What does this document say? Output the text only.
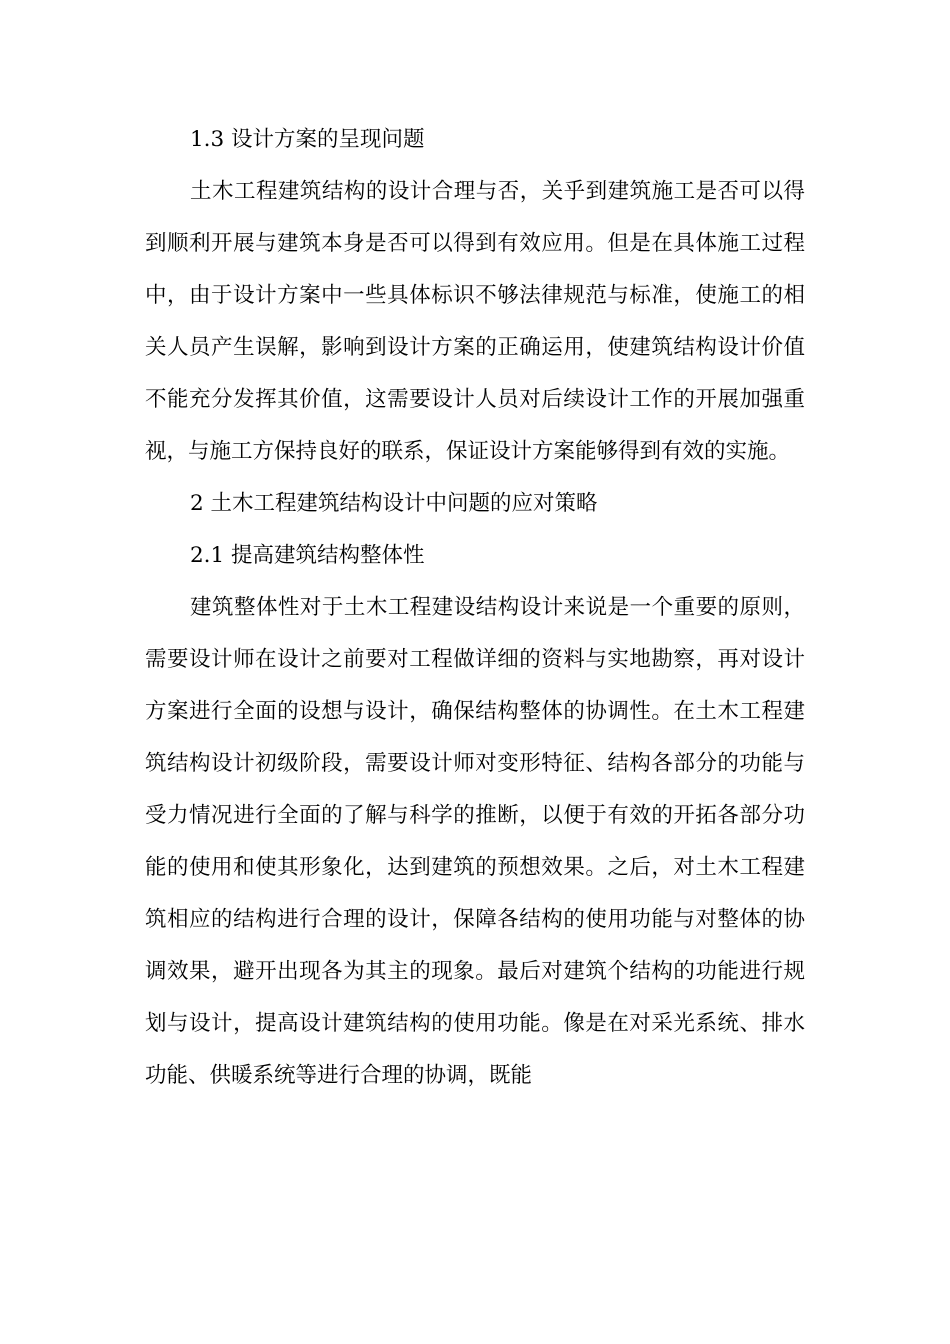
1.3 设计方案的呈现问题

土木工程建筑结构的设计合理与否，关乎到建筑施工是否可以得到顺利开展与建筑本身是否可以得到有效应用。但是在具体施工过程中，由于设计方案中一些具体标识不够法律规范与标准，使施工的相关人员产生误解，影响到设计方案的正确运用，使建筑结构设计价值不能充分发挥其价值，这需要设计人员对后续设计工作的开展加强重视，与施工方保持良好的联系，保证设计方案能够得到有效的实施。

2 土木工程建筑结构设计中问题的应对策略

2.1 提高建筑结构整体性

建筑整体性对于土木工程建设结构设计来说是一个重要的原则，需要设计师在设计之前要对工程做详细的资料与实地勘察，再对设计方案进行全面的设想与设计，确保结构整体的协调性。在土木工程建筑结构设计初级阶段，需要设计师对变形特征、结构各部分的功能与受力情况进行全面的了解与科学的推断，以便于有效的开拓各部分功能的使用和使其形象化，达到建筑的预想效果。之后，对土木工程建筑相应的结构进行合理的设计，保障各结构的使用功能与对整体的协调效果，避开出现各为其主的现象。最后对建筑个结构的功能进行规划与设计，提高设计建筑结构的使用功能。像是在对采光系统、排水功能、供暖系统等进行合理的协调，既能
